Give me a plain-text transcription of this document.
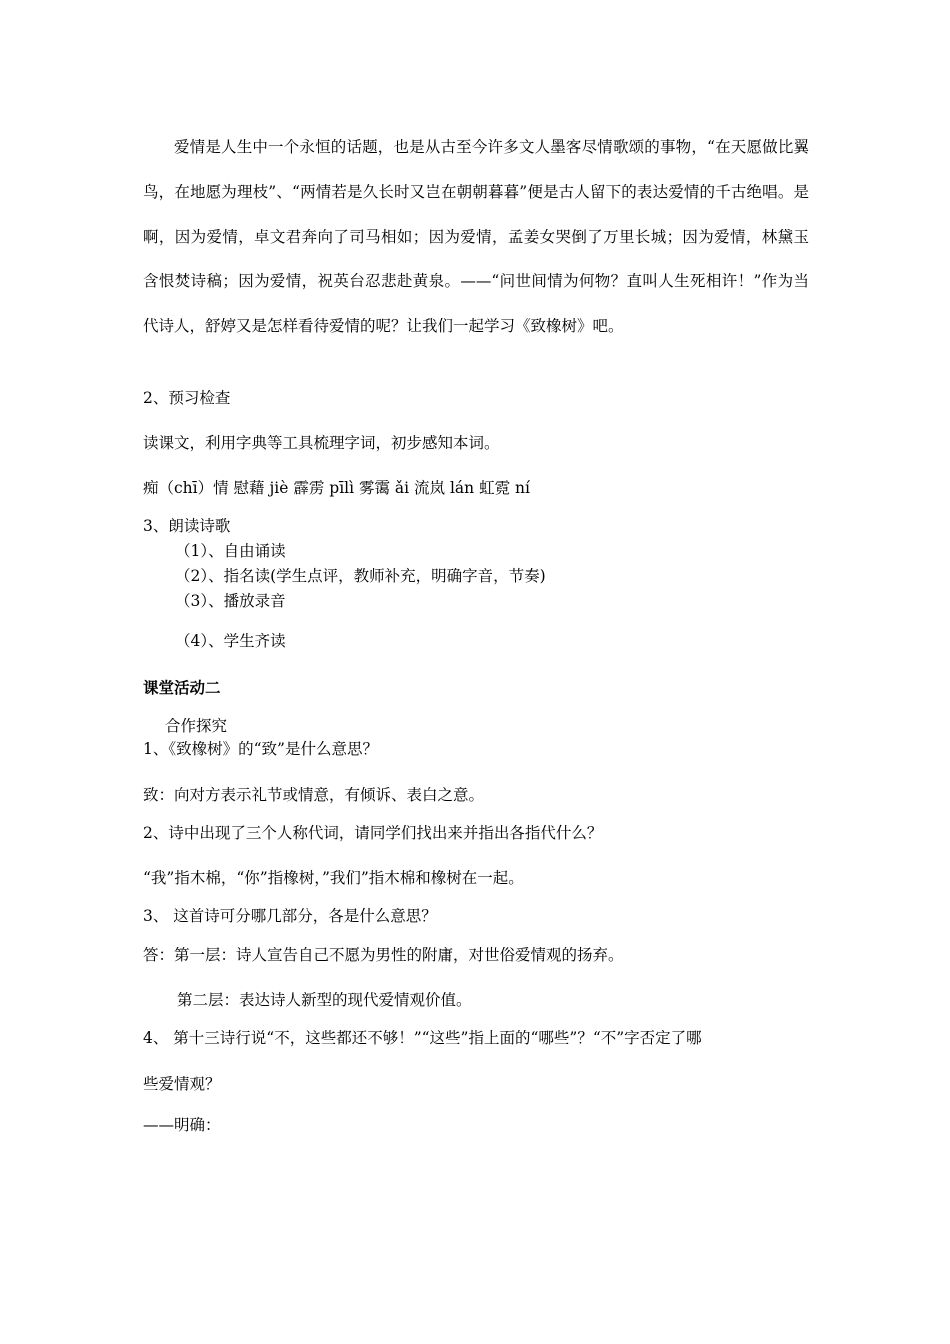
爱情是人生中一个永恒的话题，也是从古至今许多文人墨客尽情歌颂的事物，“在天愿做比翼鸟，在地愿为理枝”、“两情若是久长时又岂在朝朝暮暮”便是古人留下的表达爱情的千古绝唱。是啊，因为爱情，卓文君奔向了司马相如；因为爱情，孟姜女哭倒了万里长城；因为爱情，林黛玉含恨焚诗稿；因为爱情，祝英台忍悲赴黄泉。——“问世间情为何物？直叫人生死相许！”作为当代诗人，舒婷又是怎样看待爱情的呢？让我们一起学习《致橡树》吧。
2、预习检查
读课文，利用字典等工具梳理字词，初步感知本词。
痴（chī）情 慰藉 jiè 霹雳 pīlì 雾霭 ǎi 流岚 lán 虹霓 ní
3、朗读诗歌
（1）、自由诵读
（2）、指名读(学生点评，教师补充，明确字音，节奏)
（3）、播放录音
（4）、学生齐读
课堂活动二
合作探究
1、《致橡树》的“致”是什么意思？
致：向对方表示礼节或情意，有倾诉、表白之意。
2、诗中出现了三个人称代词，请同学们找出来并指出各指代什么？
“我”指木棉，“你”指橡树，”我们”指木棉和橡树在一起。
3、 这首诗可分哪几部分，各是什么意思？
答：第一层：诗人宣告自己不愿为男性的附庸，对世俗爱情观的扬弃。
第二层：表达诗人新型的现代爱情观价值。
4、 第十三诗行说“不，这些都还不够！”“这些”指上面的“哪些”？“不”字否定了哪
些爱情观？
——明确：
